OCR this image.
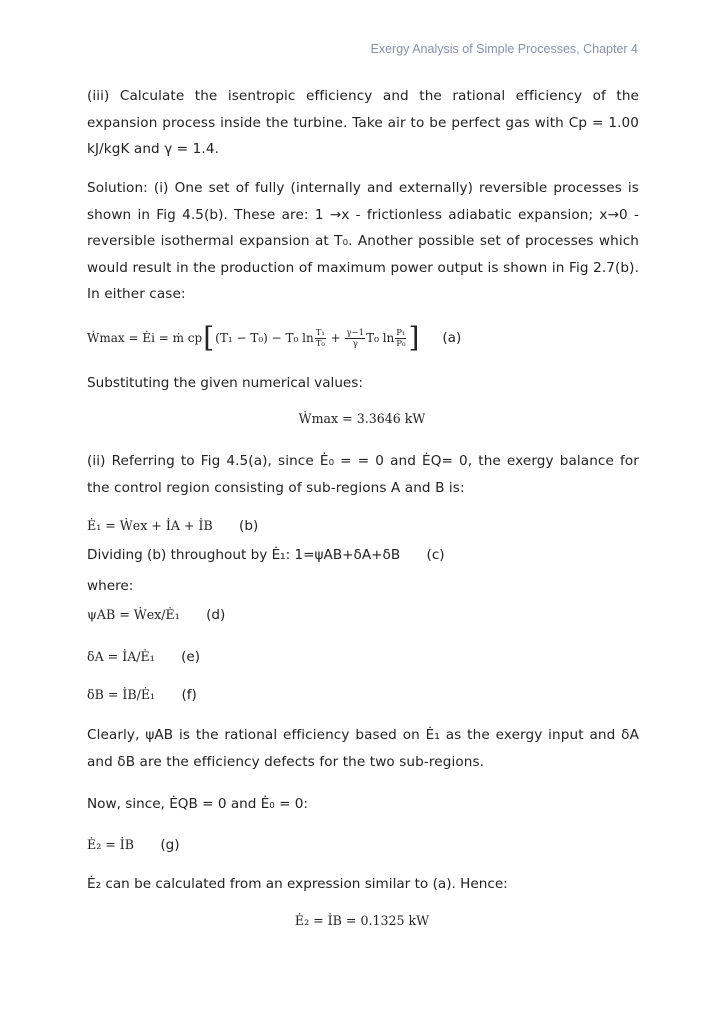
Exergy Analysis of Simple Processes, Chapter 4
(iii) Calculate the isentropic efficiency and the rational efficiency of the expansion process inside the turbine. Take air to be perfect gas with Cp = 1.00 kJ/kgK and γ = 1.4.
Solution: (i) One set of fully (internally and externally) reversible processes is shown in Fig 4.5(b). These are: 1 →x - frictionless adiabatic expansion; x→0 - reversible isothermal expansion at T₀. Another possible set of processes which would result in the production of maximum power output is shown in Fig 2.7(b). In either case:
Ẇmax = Ėi = ṁ cp [ (T₁ − T₀) − T₀ $\ln \frac{\text{T₁}}{\text{T₀}} + \frac{\gamma-1}{\gamma} T_0$ $\ln \frac{\text{P₁}}{\text{P₀}}$ ] (a)
Substituting the given numerical values:
Ẇmax = 3.3646 kW
(ii) Referring to Fig 4.5(a), since Ė₀ = = 0 and ĖQ= 0, the exergy balance for the control region consisting of sub-regions A and B is:
Ė₁ = Ẇex + İA + İB (b)
Dividing (b) throughout by Ė₁: 1=ψAB+δA+δB (c)
where:
ψAB = Ẇex/Ė₁ (d)
δA = İA/Ė₁ (e)
δB = İB/Ė₁ (f)
Clearly, ψAB is the rational efficiency based on Ė₁ as the exergy input and δA and δB are the efficiency defects for the two sub-regions.
Now, since, ĖQB = 0 and Ė₀ = 0:
Ė₂ = İB (g)
Ė₂ can be calculated from an expression similar to (a). Hence:
Ė₂ = İB = 0.1325 kW
